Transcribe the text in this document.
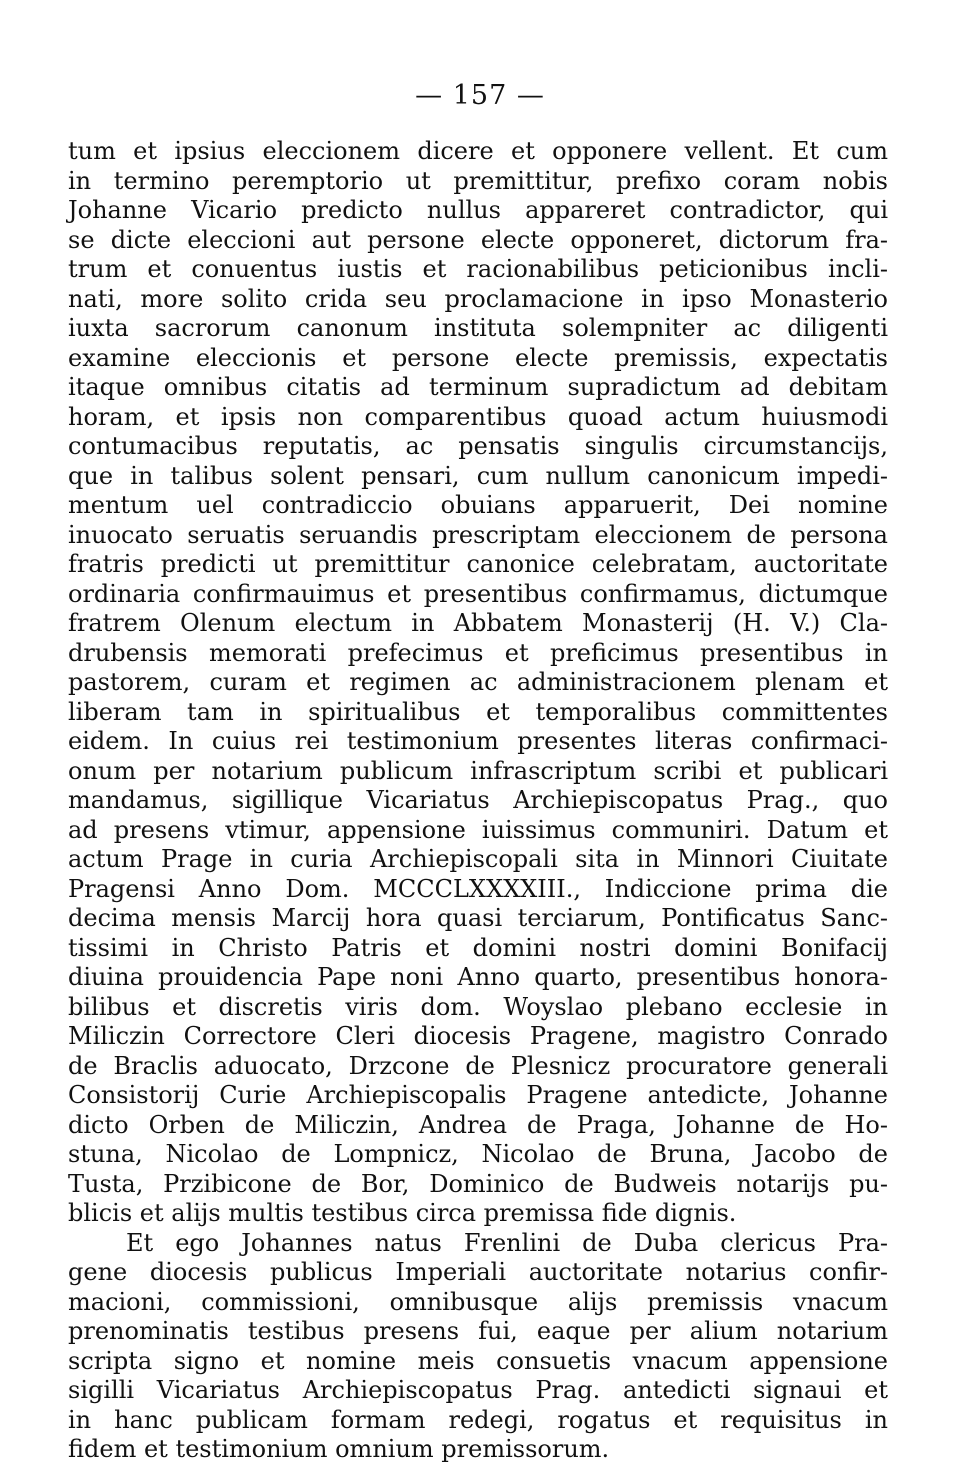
— 157 —
tum et ipsius eleccionem dicere et opponere vellent. Et cum
in termino peremptorio ut premittitur, prefixo coram nobis
Johanne Vicario predicto nullus appareret contradictor, qui
se dicte eleccioni aut persone electe opponeret, dictorum fra-
trum et conuentus iustis et racionabilibus peticionibus incli-
nati, more solito crida seu proclamacione in ipso Monasterio
iuxta sacrorum canonum instituta solempniter ac diligenti
examine eleccionis et persone electe premissis, expectatis
itaque omnibus citatis ad terminum supradictum ad debitam
horam, et ipsis non comparentibus quoad actum huiusmodi
contumacibus reputatis, ac pensatis singulis circumstancijs,
que in talibus solent pensari, cum nullum canonicum impedi-
mentum uel contradiccio obuians apparuerit, Dei nomine
inuocato seruatis seruandis prescriptam eleccionem de persona
fratris predicti ut premittitur canonice celebratam, auctoritate
ordinaria confirmauimus et presentibus confirmamus, dictumque
fratrem Olenum electum in Abbatem Monasterij (H. V.) Cla-
drubensis memorati prefecimus et preficimus presentibus in
pastorem, curam et regimen ac administracionem plenam et
liberam tam in spiritualibus et temporalibus committentes
eidem. In cuius rei testimonium presentes literas confirmaci-
onum per notarium publicum infrascriptum scribi et publicari
mandamus, sigillique Vicariatus Archiepiscopatus Prag., quo
ad presens vtimur, appensione iuissimus communiri. Datum et
actum Prage in curia Archiepiscopali sita in Minnori Ciuitate
Pragensi Anno Dom. MCCCLXXXXIII., Indiccione prima die
decima mensis Marcij hora quasi terciarum, Pontificatus Sanc-
tissimi in Christo Patris et domini nostri domini Bonifacij
diuina prouidencia Pape noni Anno quarto, presentibus honora-
bilibus et discretis viris dom. Woyslao plebano ecclesie in
Miliczin Correctore Cleri diocesis Pragene, magistro Conrado
de Braclis aduocato, Drzcone de Plesnicz procuratore generali
Consistorij Curie Archiepiscopalis Pragene antedicte, Johanne
dicto Orben de Miliczin, Andrea de Praga, Johanne de Ho-
stuna, Nicolao de Lompnicz, Nicolao de Bruna, Jacobo de
Tusta, Przibicone de Bor, Dominico de Budweis notarijs pu-
blicis et alijs multis testibus circa premissa fide dignis.
Et ego Johannes natus Frenlini de Duba clericus Pra-
gene diocesis publicus Imperiali auctoritate notarius confir-
macioni, commissioni, omnibusque alijs premissis vnacum
prenominatis testibus presens fui, eaque per alium notarium
scripta signo et nomine meis consuetis vnacum appensione
sigilli Vicariatus Archiepiscopatus Prag. antedicti signaui et
in hanc publicam formam redegi, rogatus et requisitus in
fidem et testimonium omnium premissorum.
